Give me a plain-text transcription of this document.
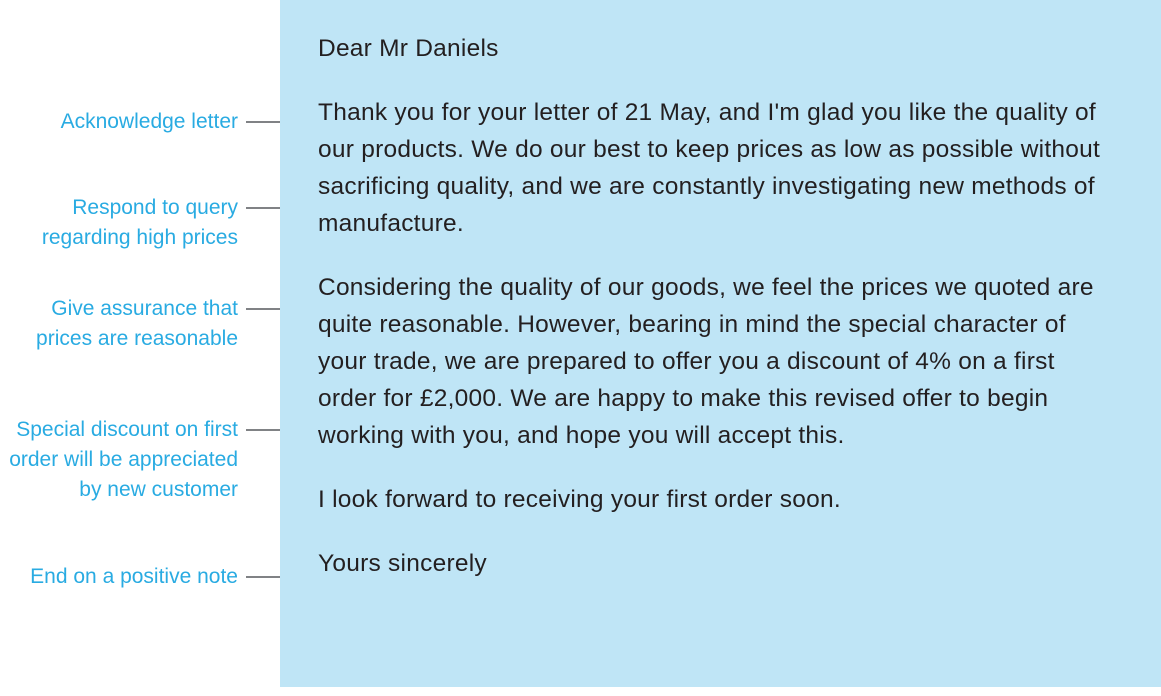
Acknowledge letter
Respond to query regarding high prices
Give assurance that prices are reasonable
Special discount on first order will be appreciated by new customer
End on a positive note

Dear Mr Daniels

Thank you for your letter of 21 May, and I'm glad you like the quality of our products. We do our best to keep prices as low as possible without sacrificing quality, and we are constantly investigating new methods of manufacture.

Considering the quality of our goods, we feel the prices we quoted are quite reasonable. However, bearing in mind the special character of your trade, we are prepared to offer you a discount of 4% on a first order for £2,000. We are happy to make this revised offer to begin working with you, and hope you will accept this.

I look forward to receiving your first order soon.

Yours sincerely
